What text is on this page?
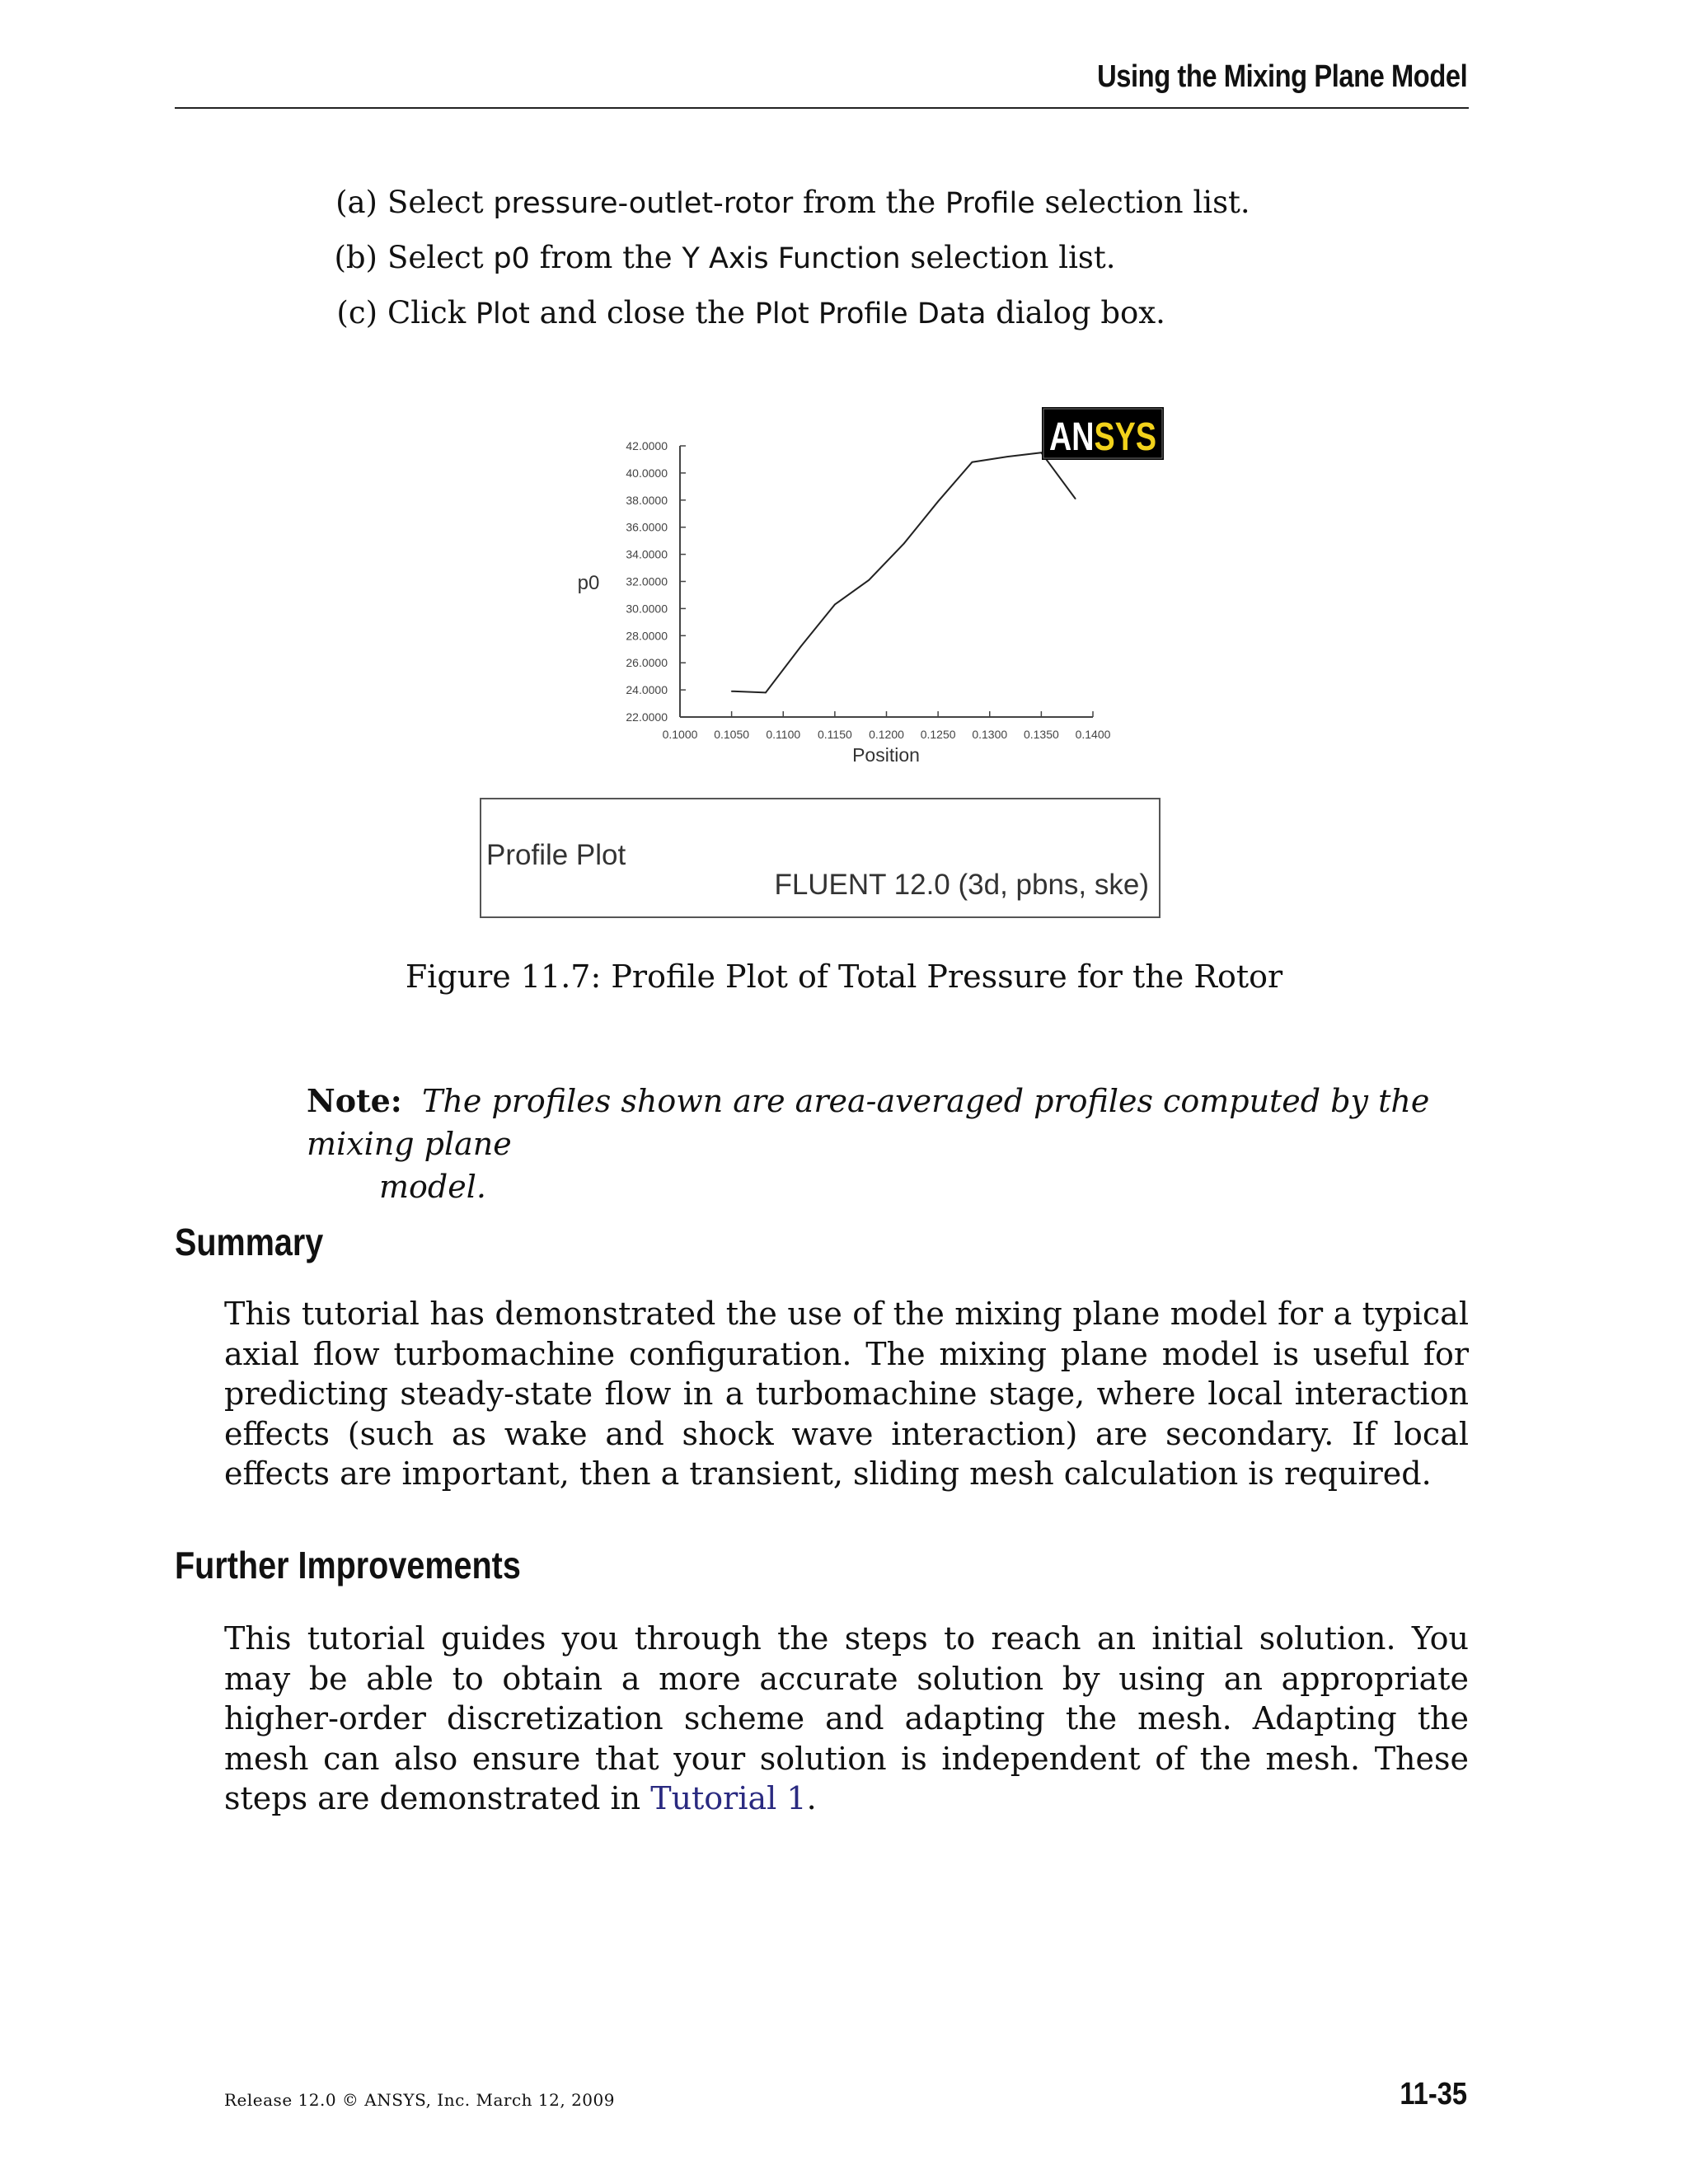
Using the Mixing Plane Model
(a) Select pressure-outlet-rotor from the Profile selection list.
(b) Select p0 from the Y Axis Function selection list.
(c) Click Plot and close the Plot Profile Data dialog box.
22.0000
24.0000
26.0000
28.0000
30.0000
32.0000
34.0000
36.0000
38.0000
40.0000
42.0000
0.1000 0.1050 0.1100 0.1150 0.1200 0.1250 0.1300 0.1350 0.1400
p0
Position
ANSYS
Profile Plot
FLUENT 12.0 (3d, pbns, ske)
Figure 11.7: Profile Plot of Total Pressure for the Rotor
Note: The profiles shown are area-averaged profiles computed by the mixing plane
model.
Summary

This tutorial has demonstrated the use of the mixing plane model for a typical axial flow turbomachine configuration. The mixing plane model is useful for predicting steady-state flow in a turbomachine stage, where local interaction effects (such as wake and shock wave interaction) are secondary. If local effects are important, then a transient, sliding mesh calculation is required.

Further Improvements

This tutorial guides you through the steps to reach an initial solution. You may be able to obtain a more accurate solution by using an appropriate higher-order discretization scheme and adapting the mesh. Adapting the mesh can also ensure that your solution is independent of the mesh. These steps are demonstrated in Tutorial 1.

Release 12.0 © ANSYS, Inc. March 12, 2009	11-35
